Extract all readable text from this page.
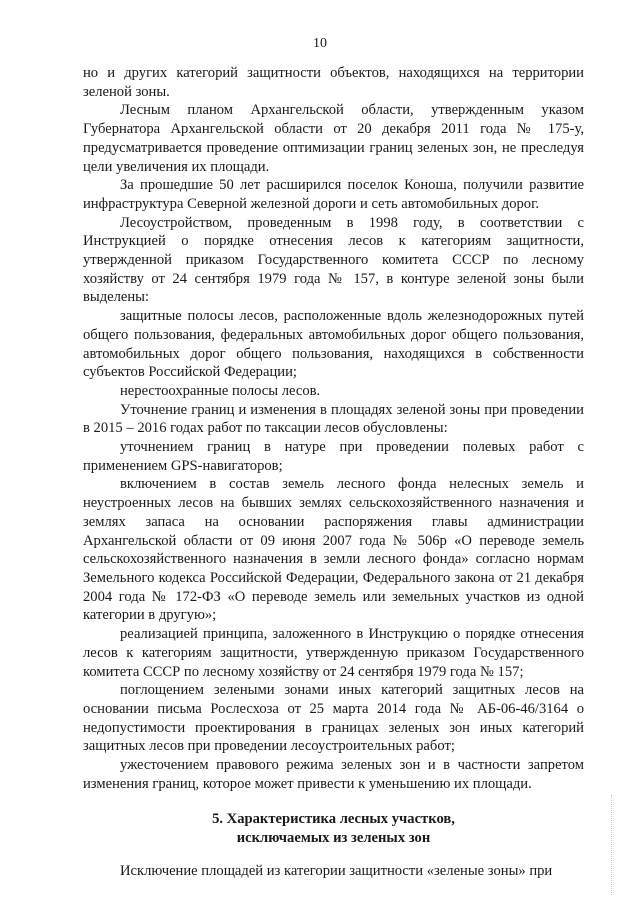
10

но и других категорий защитности объектов, находящихся на территории зеленой зоны.

Лесным планом Архангельской области, утвержденным указом Губернатора Архангельской области от 20 декабря 2011 года № 175-у, предусматривается проведение оптимизации границ зеленых зон, не преследуя цели увеличения их площади.

За прошедшие 50 лет расширился поселок Коноша, получили развитие инфраструктура Северной железной дороги и сеть автомобильных дорог.

Лесоустройством, проведенным в 1998 году, в соответствии с Инструкцией о порядке отнесения лесов к категориям защитности, утвержденной приказом Государственного комитета СССР по лесному хозяйству от 24 сентября 1979 года № 157, в контуре зеленой зоны были выделены:

защитные полосы лесов, расположенные вдоль железнодорожных путей общего пользования, федеральных автомобильных дорог общего пользования, автомобильных дорог общего пользования, находящихся в собственности субъектов Российской Федерации;

нерестоохранные полосы лесов.

Уточнение границ и изменения в площадях зеленой зоны при проведении в 2015 – 2016 годах работ по таксации лесов обусловлены:

уточнением границ в натуре при проведении полевых работ с применением GPS-навигаторов;

включением в состав земель лесного фонда нелесных земель и неустроенных лесов на бывших землях сельскохозяйственного назначения и землях запаса на основании распоряжения главы администрации Архангельской области от 09 июня 2007 года № 506р «О переводе земель сельскохозяйственного назначения в земли лесного фонда» согласно нормам Земельного кодекса Российской Федерации, Федерального закона от 21 декабря 2004 года № 172-ФЗ «О переводе земель или земельных участков из одной категории в другую»;

реализацией принципа, заложенного в Инструкцию о порядке отнесения лесов к категориям защитности, утвержденную приказом Государственного комитета СССР по лесному хозяйству от 24 сентября 1979 года № 157;

поглощением зелеными зонами иных категорий защитных лесов на основании письма Рослесхоза от 25 марта 2014 года № АБ-06-46/3164 о недопустимости проектирования в границах зеленых зон иных категорий защитных лесов при проведении лесоустроительных работ;

ужесточением правового режима зеленых зон и в частности запретом изменения границ, которое может привести к уменьшению их площади.

5. Характеристика лесных участков,
исключаемых из зеленых зон

Исключение площадей из категории защитности «зеленые зоны» при
